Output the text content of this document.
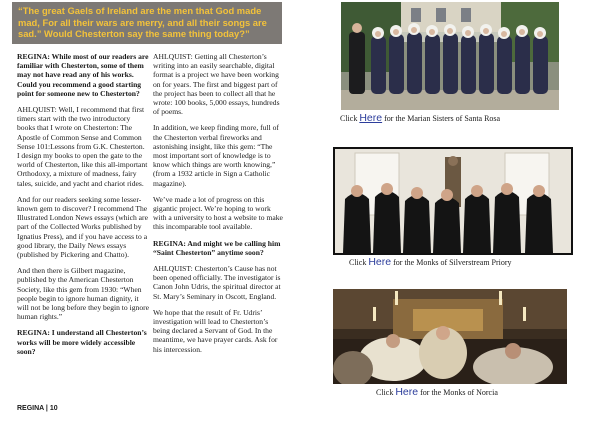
“The great Gaels of Ireland are the men that God made mad, For all their wars are merry, and all their songs are sad.” Would Chesterton say the same thing today?”

REGINA: While most of our readers are familiar with Chesterton, some of them may not have read any of his works. Could you recommend a good starting point for someone new to Chesterton?

AHLQUIST: Well, I recommend that first timers start with the two introductory books that I wrote on Chesterton: The Apostle of Common Sense and Common Sense 101:Lessons from G.K. Chesterton. I design my books to open the gate to the world of Chesterton, like this all-important Orthodoxy, a mixture of madness, fairy tales, suicide, and yacht and chariot rides.

And for our readers seeking some lesser-known gem to discover? I recommend The Illustrated London News essays (which are part of the Collected Works published by Ignatius Press), and if you have access to a good library, the Daily News essays (published by Pickering and Chatto).

And then there is Gilbert magazine, published by the American Chesterton Society, like this gem from 1930: “When people begin to ignore human dignity, it will not be long before they begin to ignore human rights.”

REGINA: I understand all Chesterton’s works will be more widely accessible soon?

AHLQUIST: Getting all Chesterton’s writing into an easily searchable, digital format is a project we have been working on for years. The first and biggest part of the project has been to collect all that he wrote: 100 books, 5,000 essays, hundreds of poems.

In addition, we keep finding more, full of the Chesterton verbal fireworks and astonishing insight, like this gem: “The most important sort of knowledge is to know which things are worth knowing,” (from a 1932 article in Sign a Catholic magazine).

We’ve made a lot of progress on this gigantic project. We’re hoping to work with a university to host a website to make this incomparable tool available.

REGINA: And might we be calling him “Saint Chesterton” anytime soon?

AHLQUIST: Chesterton’s Cause has not been opened officially. The investigator is Canon John Udris, the spiritual director at St. Mary’s Seminary in Oscott, England.

We hope that the result of Fr. Udris’ investigation will lead to Chesterton’s being declared a Servant of God. In the meantime, we have prayer cards. Ask for his intercession.

REGINA | 10
Click Here for the Marian Sisters of Santa Rosa
Click Here for the Monks of Silverstream Priory
Click Here for the Monks of Norcia
